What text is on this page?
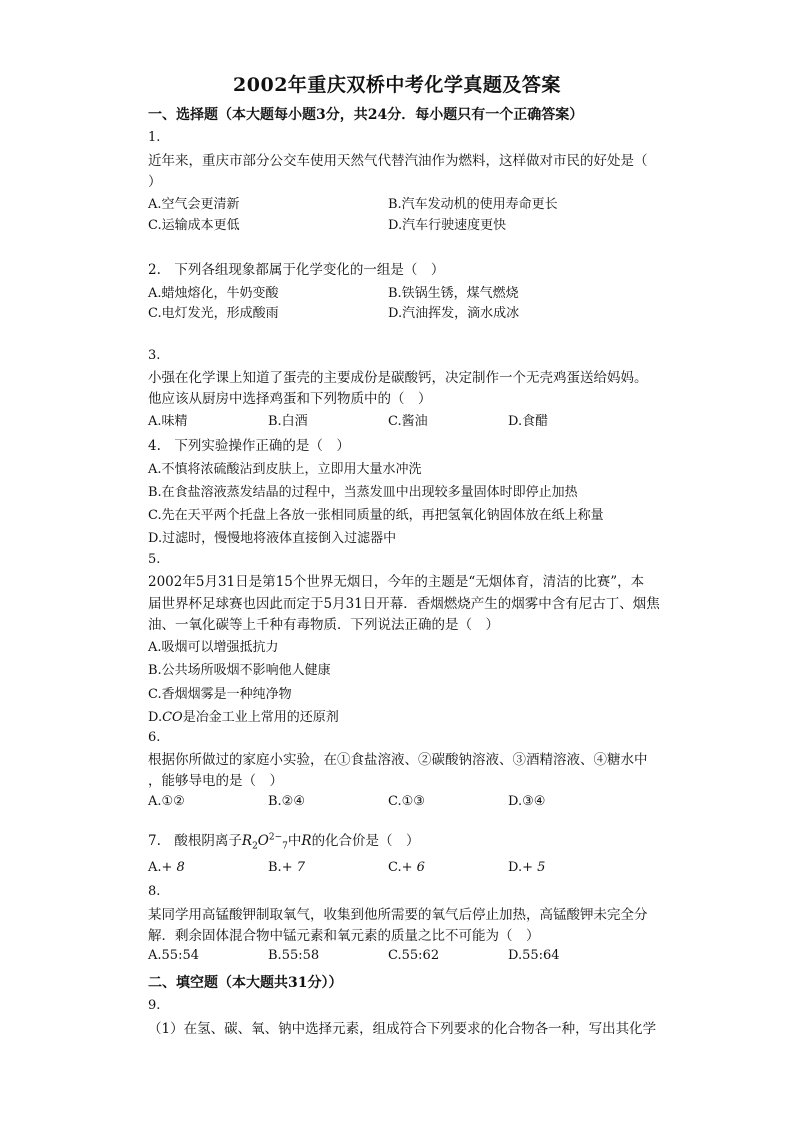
2002年重庆双桥中考化学真题及答案
一、选择题（本大题每小题3分，共24分．每小题只有一个正确答案）
1.
近年来，重庆市部分公交车使用天然气代替汽油作为燃料，这样做对市民的好处是（
）
A.空气会更清新	B.汽车发动机的使用寿命更长
C.运输成本更低	D.汽车行驶速度更快
2.　下列各组现象都属于化学变化的一组是（　）
A.蜡烛熔化，牛奶变酸	B.铁锅生锈，煤气燃烧
C.电灯发光，形成酸雨	D.汽油挥发，滴水成冰
3.
小强在化学课上知道了蛋壳的主要成份是碳酸钙，决定制作一个无壳鸡蛋送给妈妈。
他应该从厨房中选择鸡蛋和下列物质中的（　）
A.味精	B.白酒	C.酱油	D.食醋
4.　下列实验操作正确的是（　）
A.不慎将浓硫酸沾到皮肤上，立即用大量水冲洗
B.在食盐溶液蒸发结晶的过程中，当蒸发皿中出现较多量固体时即停止加热
C.先在天平两个托盘上各放一张相同质量的纸，再把氢氧化钠固体放在纸上称量
D.过滤时，慢慢地将液体直接倒入过滤器中
5.
2002年5月31日是第15个世界无烟日，今年的主题是“无烟体育，清洁的比赛”，本
届世界杯足球赛也因此而定于5月31日开幕．香烟燃烧产生的烟雾中含有尼古丁、烟焦
油、一氧化碳等上千种有毒物质．下列说法正确的是（　）
A.吸烟可以增强抵抗力
B.公共场所吸烟不影响他人健康
C.香烟烟雾是一种纯净物
D.CO是冶金工业上常用的还原剂
6.
根据你所做过的家庭小实验，在①食盐溶液、②碳酸钠溶液、③酒精溶液、④糖水中
，能够导电的是（　）
A.①②	B.②④	C.①③	D.③④
7.　酸根阴离子$R_2O^{2-}_7$中R的化合价是（　）
A.+ 8	B.+ 7	C.+ 6	D.+ 5
8.
某同学用高锰酸钾制取氧气，收集到他所需要的氧气后停止加热，高锰酸钾未完全分
解．剩余固体混合物中锰元素和氧元素的质量之比不可能为（　）
A.55:54	B.55:58	C.55:62	D.55:64
二、填空题（本大题共31分））
9.
（1）在氢、碳、氧、钠中选择元素，组成符合下列要求的化合物各一种，写出其化学
